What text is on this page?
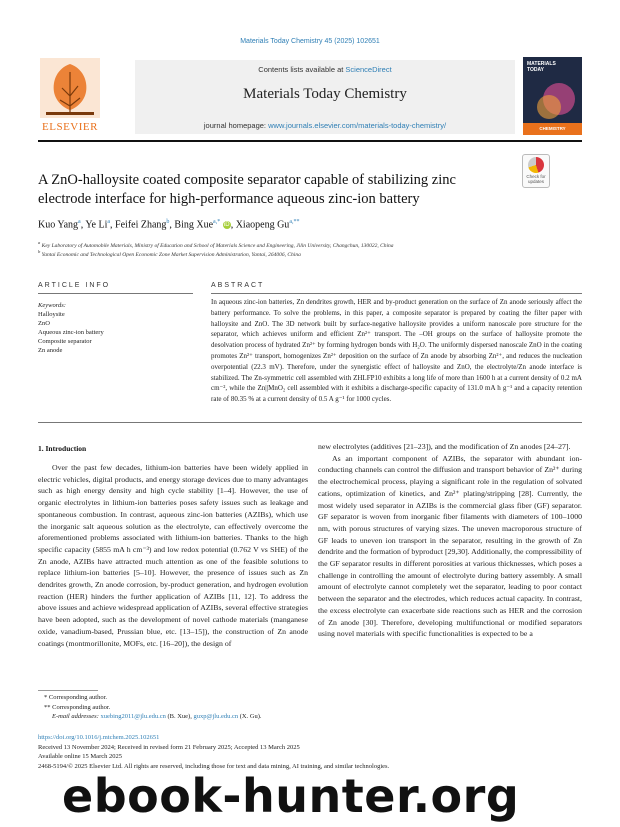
Materials Today Chemistry 45 (2025) 102651
ELSEVIER
Contents lists available at ScienceDirect
Materials Today Chemistry
journal homepage: www.journals.elsevier.com/materials-today-chemistry/
MATERIALS
TODAY
CHEMISTRY
A ZnO-halloysite coated composite separator capable of stabilizing zinc electrode interface for high-performance aqueous zinc-ion battery
Check for updates
Kuo Yang$^a$, Ye Li$^a$, Feifei Zhang$^b$, Bing Xue$^{a,*}$ iD, Xiaopeng $Gu^{a,**}$
$^a$ Key Laboratory of Automobile Materials, Ministry of Education and School of Materials Science and Engineering, Jilin University, Changchun, 130022, China
$^b$ Yantai Economic and Technological Open Economic Zone Market Supervision Administration, Yantai, 264006, China
ARTICLE INFO	ABSTRACT
Keywords:
Halloysite
ZnO
Aqueous zinc-ion battery
Composite separator
Zn anode
In aqueous zinc-ion batteries, Zn dendrites growth, HER and by-product generation on the surface of Zn anode seriously affect the battery performance. To solve the problems, in this paper, a composite separator is prepared by coating the filter paper with halloysite and ZnO. The 3D network built by surface-negative halloysite provides a uniform nanoscale pore structure for the separator, which achieves uniform and efficient Zn²⁺ transport. The –OH groups on the surface of halloysite promote the desolvation process of hydrated Zn²⁺ by forming hydrogen bonds with H₂O. The uniformly dispersed nanoscale ZnO in the coating promotes Zn²⁺ transport, homogenizes Zn²⁺ deposition on the surface of Zn anode by absorbing Zn²⁺, and reduces the nucleation overpotential (22.3 mV). Therefore, under the synergistic effect of halloysite and ZnO, the electrolyte/Zn anode interface is stabilized. The Zn-symmetric cell assembled with ZHLFP10 exhibits a long life of more than 1600 h at a current density of 0.2 mA cm⁻², while the Zn||MnO₂ cell assembled with it exhibits a discharge-specific capacity of 131.0 mA h g⁻¹ and a capacity retention rate of 80.35 % at a current density of 0.5 A g⁻¹ for 1000 cycles.
1. Introduction

Over the past few decades, lithium-ion batteries have been widely applied in electric vehicles, digital products, and energy storage devices due to many advantages such as high energy density and high cycle stability [1–4]. However, the use of organic electrolytes in lithium-ion batteries poses safety issues such as leakage and spontaneous combustion. In contrast, aqueous zinc-ion batteries (AZIBs), which use the inorganic salt aqueous solution as the electrolyte, can effectively overcome the aforementioned problems associated with lithium-ion batteries. Thanks to the high specific capacity (5855 mA h cm⁻³) and low redox potential (0.762 V vs SHE) of the Zn anode, AZIBs have attracted much attention as one of the feasible solutions to replace lithium-ion batteries [5–10]. However, the presence of issues such as Zn dendrites growth, Zn anode corrosion, by-product generation, and hydrogen evolution reaction (HER) hinders the further application of AZIBs [11, 12]. To address the above issues and achieve widespread application of AZIBs, several effective strategies have been adopted, such as the development of novel cathode materials (manganese oxide, vanadium-based, Prussian blue, etc. [13–15]), the construction of Zn anode coatings (montmorillonite, MOFs, etc. [16–20]), the design of

new electrolytes (additives [21–23]), and the modification of Zn anodes [24–27].

As an important component of AZIBs, the separator with abundant ion-conducting channels can control the diffusion and transport behavior of Zn²⁺ during the electrochemical process, playing a significant role in the regulation of solvated cations, optimization of kinetics, and Zn²⁺ plating/stripping [28]. Currently, the most widely used separator in AZIBs is the commercial glass fiber (GF) separator. GF separator is woven from inorganic fiber filaments with diameters of 100–1000 nm, with porous structures of varying sizes. The uneven macroporous structure of GF leads to uneven ion transport in the separator, resulting in the growth of Zn dendrite and the formation of byproduct [29,30]. Additionally, the compressibility of the GF separator results in different porosities at various thicknesses, which poses a challenge in controlling the amount of electrolyte during battery assembly. A small amount of electrolyte cannot completely wet the separator, leading to poor contact between the separator and the electrodes, which reduces actual capacity. In contrast, the excess electrolyte can exacerbate side reactions such as HER and the corrosion of Zn anode [30]. Therefore, developing multifunctional or modified separators using novel materials with specific functionalities is expected to be a

* Corresponding author.
** Corresponding author.
E-mail addresses: xuebing2011@jlu.edu.cn (B. Xue), guxp@jlu.edu.cn (X. Gu).
https://doi.org/10.1016/j.mtchem.2025.102651
Received 13 November 2024; Received in revised form 21 February 2025; Accepted 13 March 2025
Available online 15 March 2025
2468-5194/© 2025 Elsevier Ltd. All rights are reserved, including those for text and data mining, AI training, and similar technologies.
ebook-hunter.org
